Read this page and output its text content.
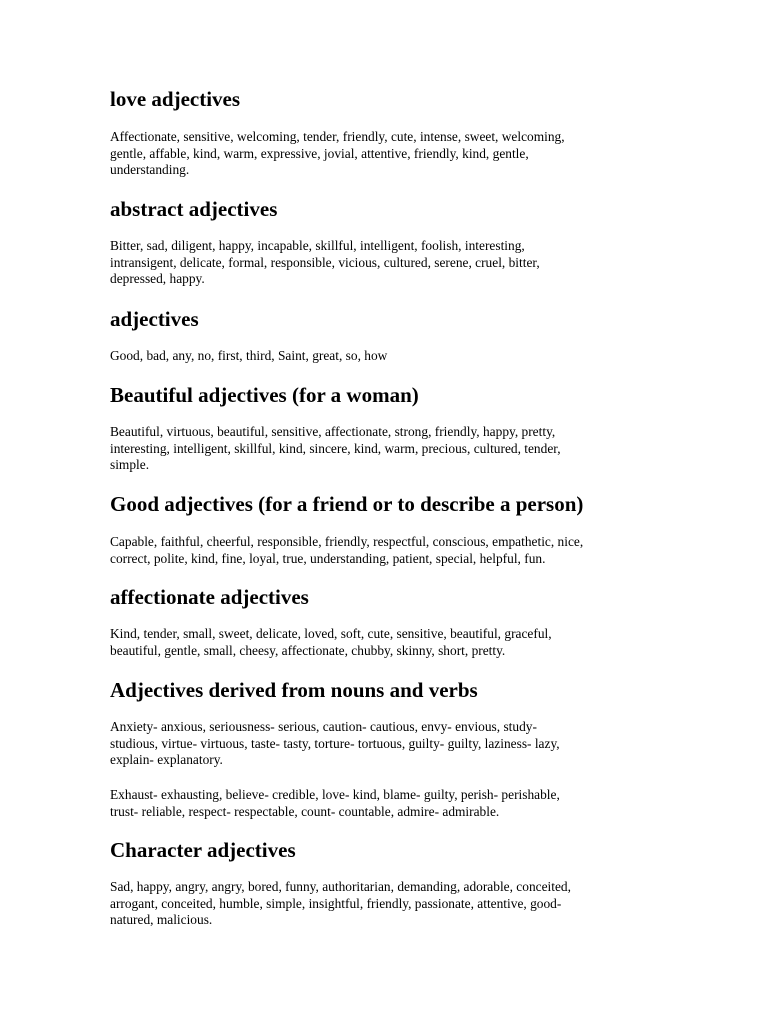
love adjectives

Affectionate, sensitive, welcoming, tender, friendly, cute, intense, sweet, welcoming,
gentle, affable, kind, warm, expressive, jovial, attentive, friendly, kind, gentle,
understanding.

abstract adjectives

Bitter, sad, diligent, happy, incapable, skillful, intelligent, foolish, interesting,
intransigent, delicate, formal, responsible, vicious, cultured, serene, cruel, bitter,
depressed, happy.

adjectives

Good, bad, any, no, first, third, Saint, great, so, how

Beautiful adjectives (for a woman)

Beautiful, virtuous, beautiful, sensitive, affectionate, strong, friendly, happy, pretty,
interesting, intelligent, skillful, kind, sincere, kind, warm, precious, cultured, tender,
simple.

Good adjectives (for a friend or to describe a person)

Capable, faithful, cheerful, responsible, friendly, respectful, conscious, empathetic, nice,
correct, polite, kind, fine, loyal, true, understanding, patient, special, helpful, fun.

affectionate adjectives

Kind, tender, small, sweet, delicate, loved, soft, cute, sensitive, beautiful, graceful,
beautiful, gentle, small, cheesy, affectionate, chubby, skinny, short, pretty.

Adjectives derived from nouns and verbs

Anxiety- anxious, seriousness- serious, caution- cautious, envy- envious, study-
studious, virtue- virtuous, taste- tasty, torture- tortuous, guilty- guilty, laziness- lazy,
explain- explanatory.

Exhaust- exhausting, believe- credible, love- kind, blame- guilty, perish- perishable,
trust- reliable, respect- respectable, count- countable, admire- admirable.

Character adjectives

Sad, happy, angry, angry, bored, funny, authoritarian, demanding, adorable, conceited,
arrogant, conceited, humble, simple, insightful, friendly, passionate, attentive, good-
natured, malicious.
